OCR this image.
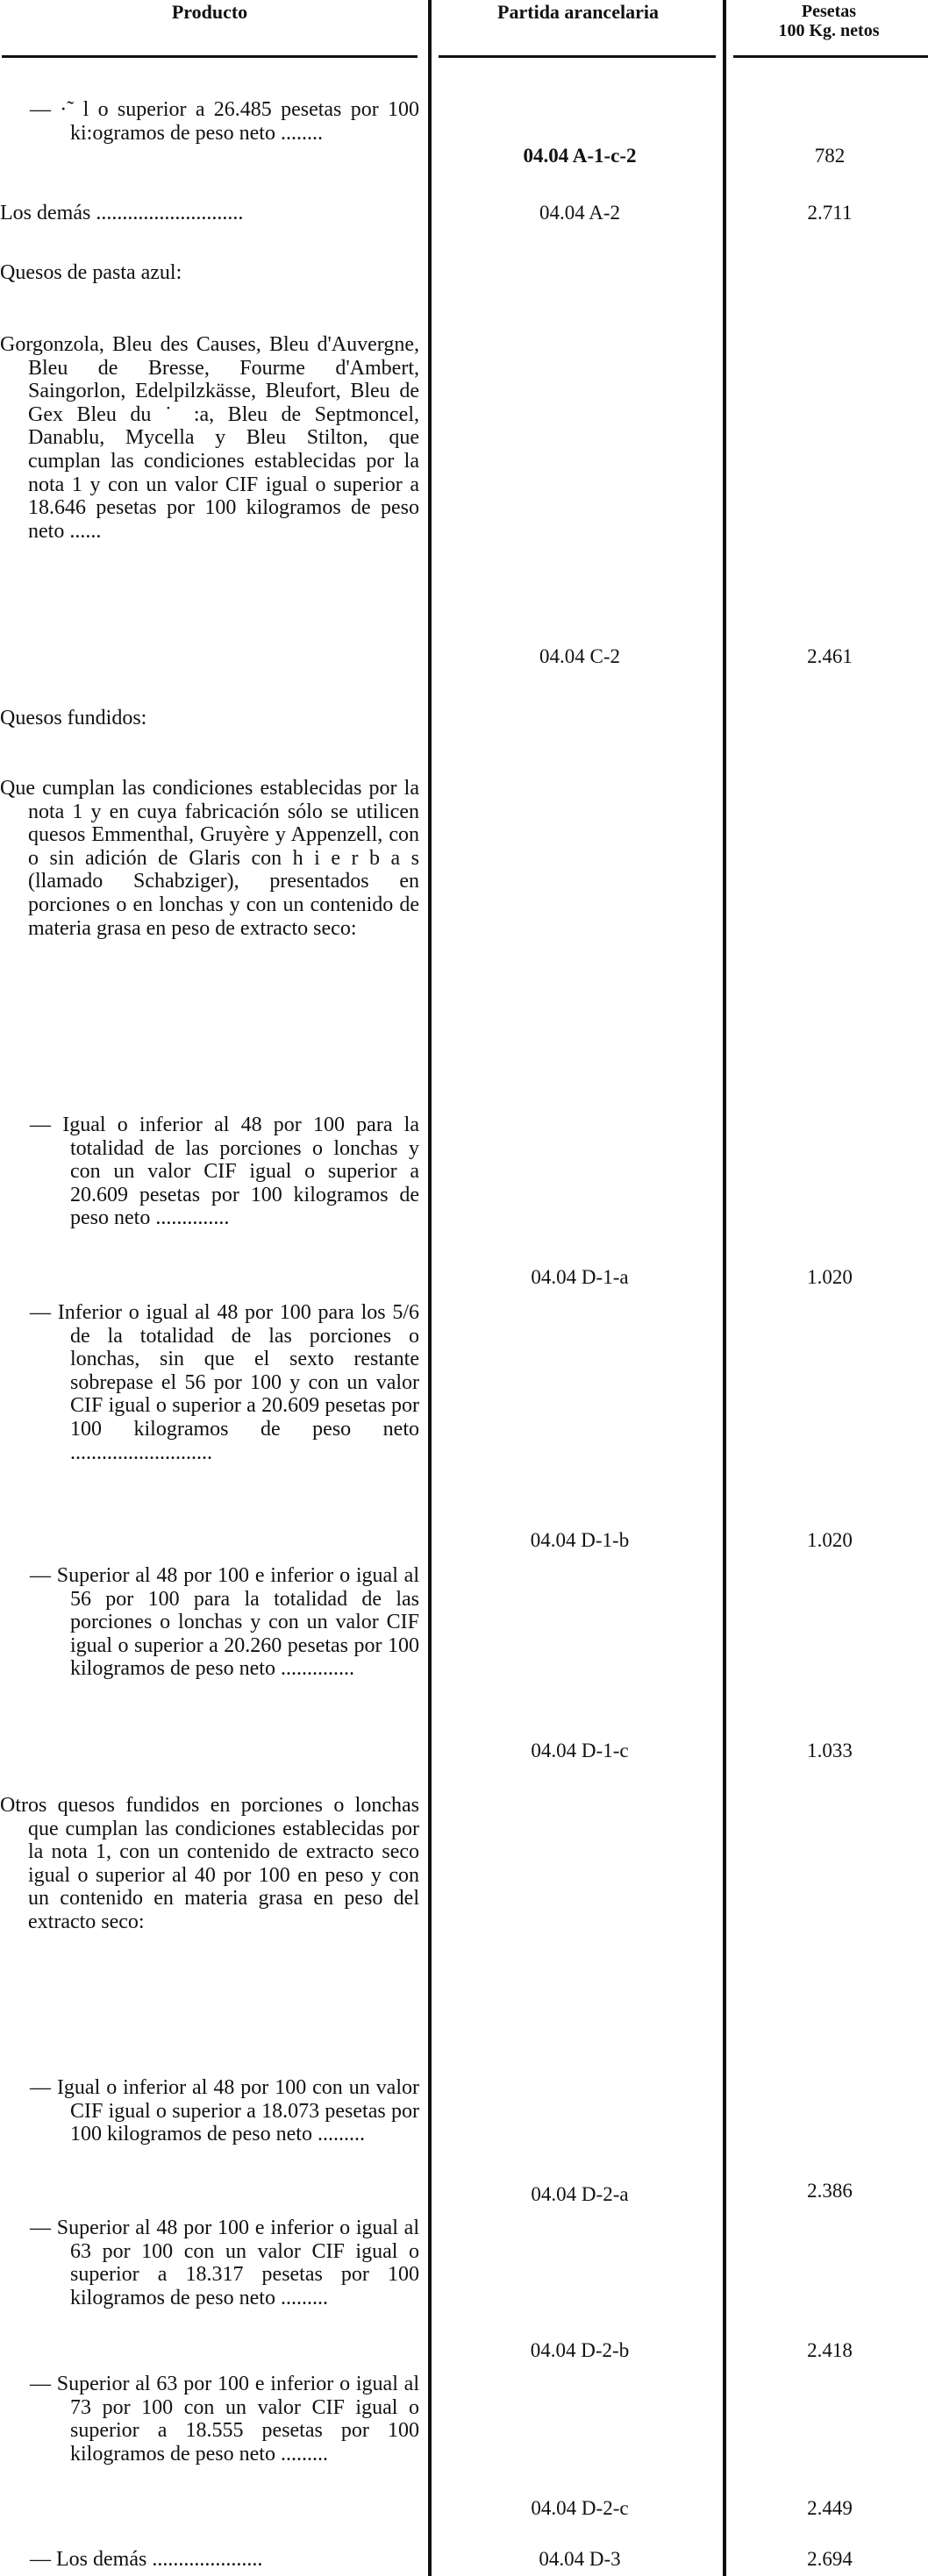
Producto	Partida arancelaria	Pesetas
100 Kg. netos
— ·˜ l o superior a 26.485 pesetas por 100 ki:ogramos de peso neto ........
04.04 A-1-c-2	782
Los demás ............................	04.04 A-2	2.711
Quesos de pasta azul:
Gorgonzola, Bleu des Causes, Bleu d'Auvergne, Bleu de Bresse, Fourme d'Ambert, Saingorlon, Edelpilzkässe, Bleufort, Bleu de Gex Bleu du ˙ :a, Bleu de Septmoncel, Danablu, Mycella y Bleu Stilton, que cumplan las condiciones establecidas por la nota 1 y con un valor CIF igual o superior a 18.646 pesetas por 100 kilogramos de peso neto ......
04.04 C-2	2.461
Quesos fundidos:
Que cumplan las condiciones establecidas por la nota 1 y en cuya fabricación sólo se utilicen quesos Emmenthal, Gruyère y Appenzell, con o sin adición de Glaris con h i e r b a s (llamado Schabziger), presentados en porciones o en lonchas y con un contenido de materia grasa en peso de extracto seco:
— Igual o inferior al 48 por 100 para la totalidad de las porciones o lonchas y con un valor CIF igual o superior a 20.609 pesetas por 100 kilogramos de peso neto ..............
04.04 D-1-a	1.020
— Inferior o igual al 48 por 100 para los 5/6 de la totalidad de las porciones o lonchas, sin que el sexto restante sobrepase el 56 por 100 y con un valor CIF igual o superior a 20.609 pesetas por 100 kilogramos de peso neto ...........................
04.04 D-1-b	1.020
— Superior al 48 por 100 e inferior o igual al 56 por 100 para la totalidad de las porciones o lonchas y con un valor CIF igual o superior a 20.260 pesetas por 100 kilogramos de peso neto ..............
04.04 D-1-c	1.033
Otros quesos fundidos en porciones o lonchas que cumplan las condiciones establecidas por la nota 1, con un contenido de extracto seco igual o superior al 40 por 100 en peso y con un contenido en materia grasa en peso del extracto seco:
— Igual o inferior al 48 por 100 con un valor CIF igual o superior a 18.073 pesetas por 100 kilogramos de peso neto .........
04.04 D-2-a	2.386
— Superior al 48 por 100 e inferior o igual al 63 por 100 con un valor CIF igual o superior a 18.317 pesetas por 100 kilogramos de peso neto .........
04.04 D-2-b	2.418
— Superior al 63 por 100 e inferior o igual al 73 por 100 con un valor CIF igual o superior a 18.555 pesetas por 100 kilogramos de peso neto .........
04.04 D-2-c	2.449
— Los demás .....................	04.04 D-3	2.694
